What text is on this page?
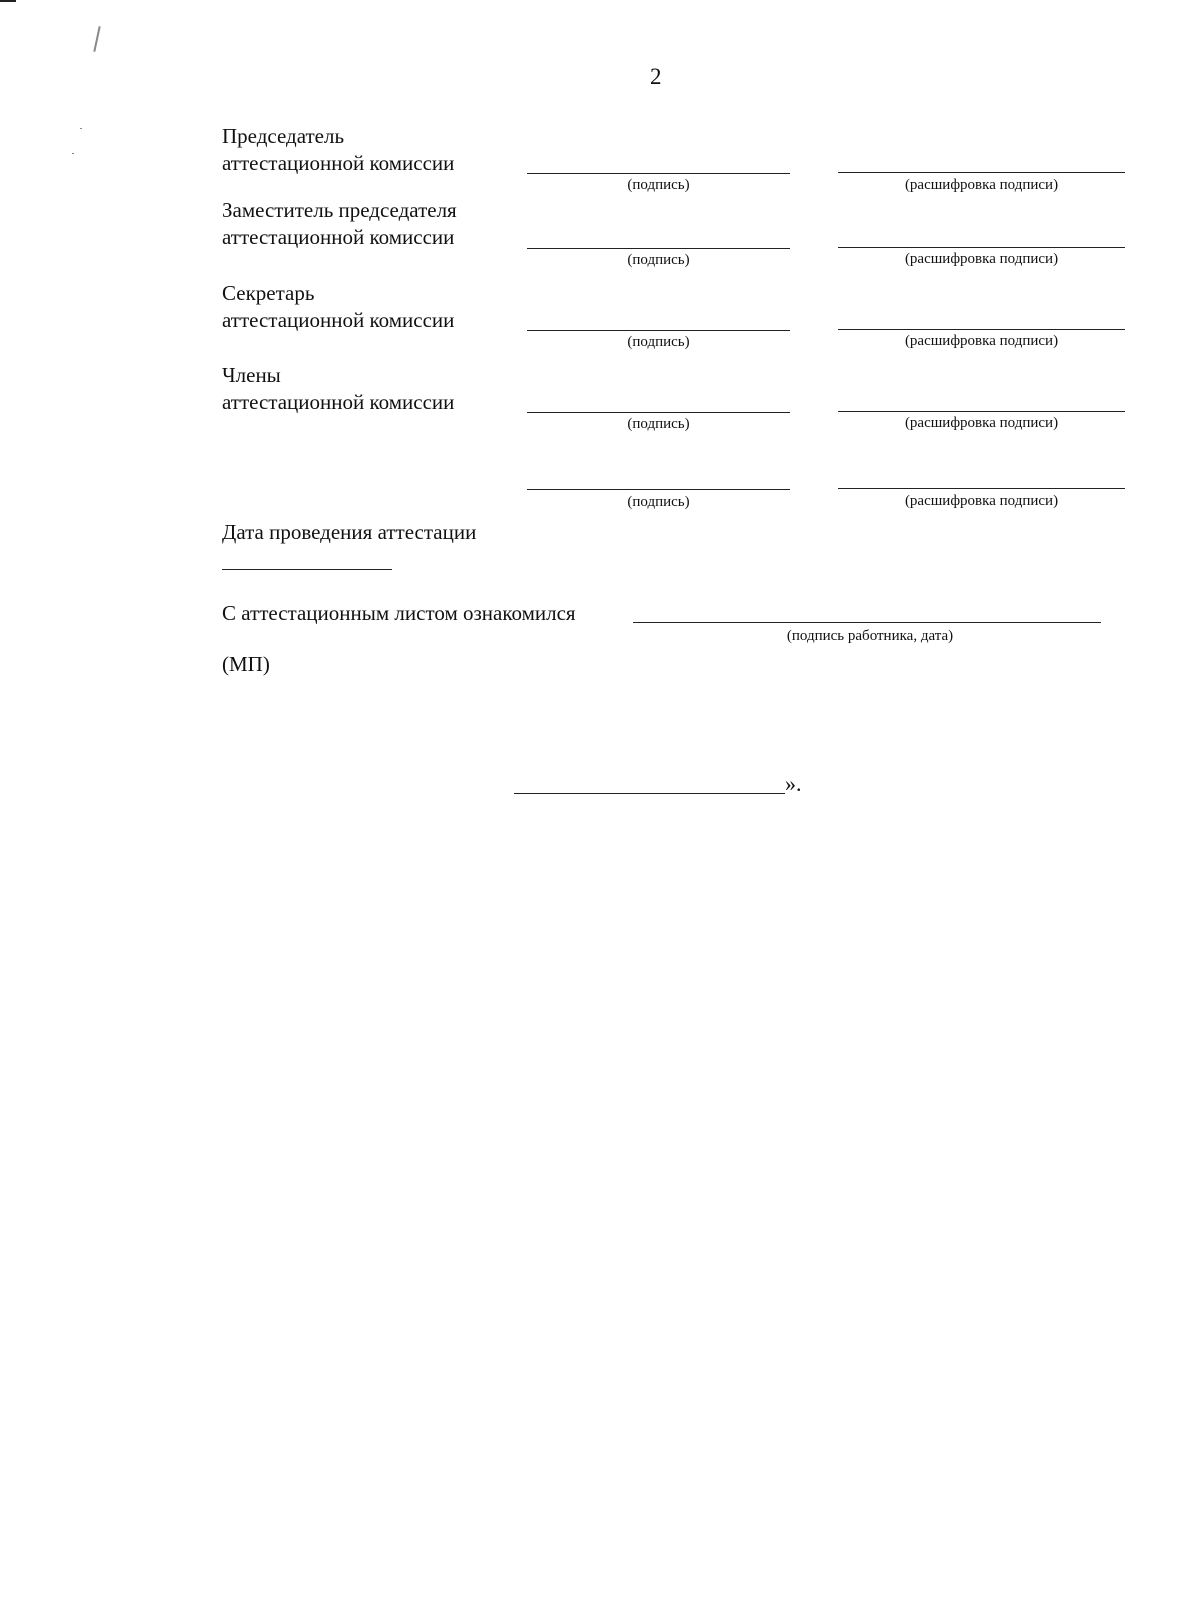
2
Председатель
аттестационной комиссии
(подпись)	(расшифровка подписи)
Заместитель председателя
аттестационной комиссии
(подпись)	(расшифровка подписи)
Секретарь
аттестационной комиссии
(подпись)	(расшифровка подписи)
Члены
аттестационной комиссии
(подпись)	(расшифровка подписи)
(подпись)	(расшифровка подписи)
Дата проведения аттестации
С аттестационным листом ознакомился
(подпись работника, дата)
(МП)
».
